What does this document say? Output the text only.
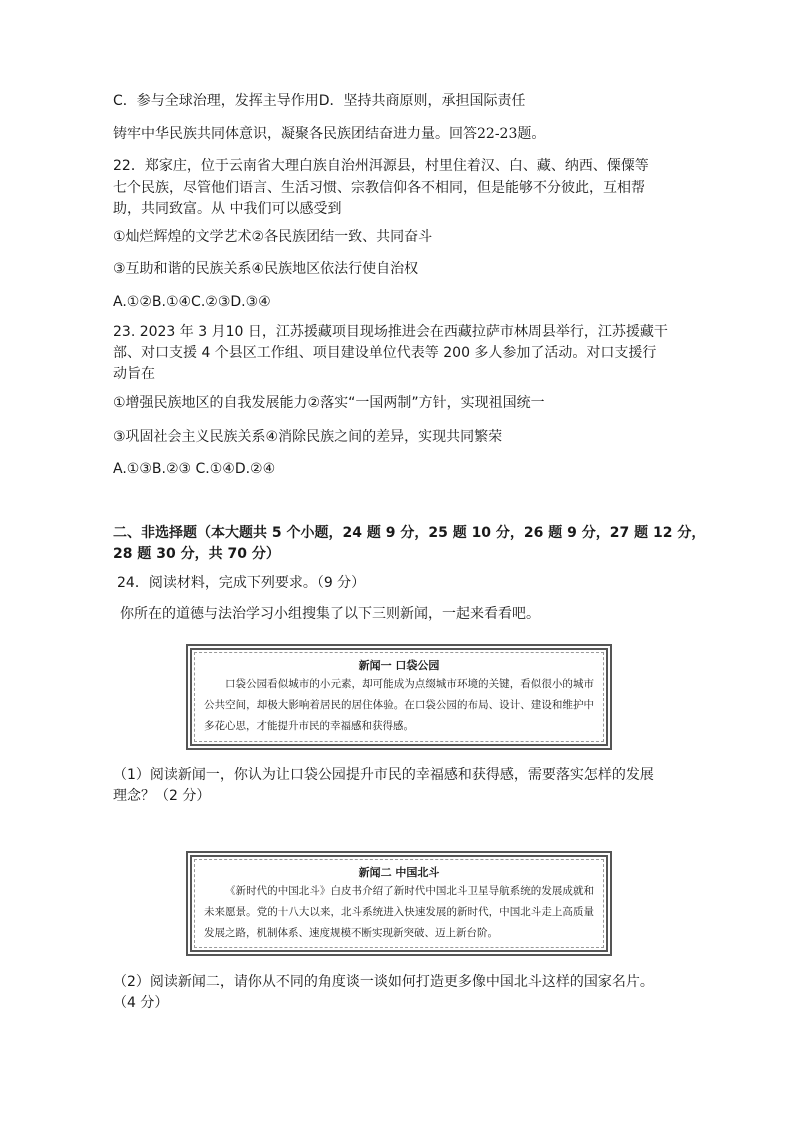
C．参与全球治理，发挥主导作用D．坚持共商原则，承担国际责任
铸牢中华民族共同体意识，凝聚各民族团结奋进力量。回答22-23题。
22．郑家庄，位于云南省大理白族自治州洱源县，村里住着汉、白、藏、纳西、傈僳等
七个民族，尽管他们语言、生活习惯、宗教信仰各不相同，但是能够不分彼此，互相帮
助，共同致富。从 中我们可以感受到
①灿烂辉煌的文学艺术②各民族团结一致、共同奋斗
③互助和谐的民族关系④民族地区依法行使自治权
A.①②B.①④C.②③D.③④
23. 2023 年 3 月10 日，江苏援藏项目现场推进会在西藏拉萨市林周县举行，江苏援藏干
部、对口支援 4 个县区工作组、项目建设单位代表等 200 多人参加了活动。对口支援行
动旨在
①增强民族地区的自我发展能力②落实“一国两制”方针，实现祖国统一
③巩固社会主义民族关系④消除民族之间的差异，实现共同繁荣
A.①③B.②③ C.①④D.②④
二、非选择题（本大题共 5 个小题，24 题 9 分，25 题 10 分，26 题 9 分，27 题 12 分，
28 题 30 分，共 70 分）
24．阅读材料，完成下列要求。（9 分）
你所在的道德与法治学习小组搜集了以下三则新闻，一起来看看吧。
新闻一 口袋公园
口袋公园看似城市的小元素，却可能成为点缀城市环境的关键，看似很小的城市公共空间，却极大影响着居民的居住体验。在口袋公园的布局、设计、建设和维护中多花心思，才能提升市民的幸福感和获得感。
（1）阅读新闻一，你认为让口袋公园提升市民的幸福感和获得感，需要落实怎样的发展
理念？（2 分）
新闻二 中国北斗
《新时代的中国北斗》白皮书介绍了新时代中国北斗卫星导航系统的发展成就和未来愿景。党的十八大以来，北斗系统进入快速发展的新时代，中国北斗走上高质量发展之路，机制体系、速度规模不断实现新突破、迈上新台阶。
（2）阅读新闻二，请你从不同的角度谈一谈如何打造更多像中国北斗这样的国家名片。
（4 分）
